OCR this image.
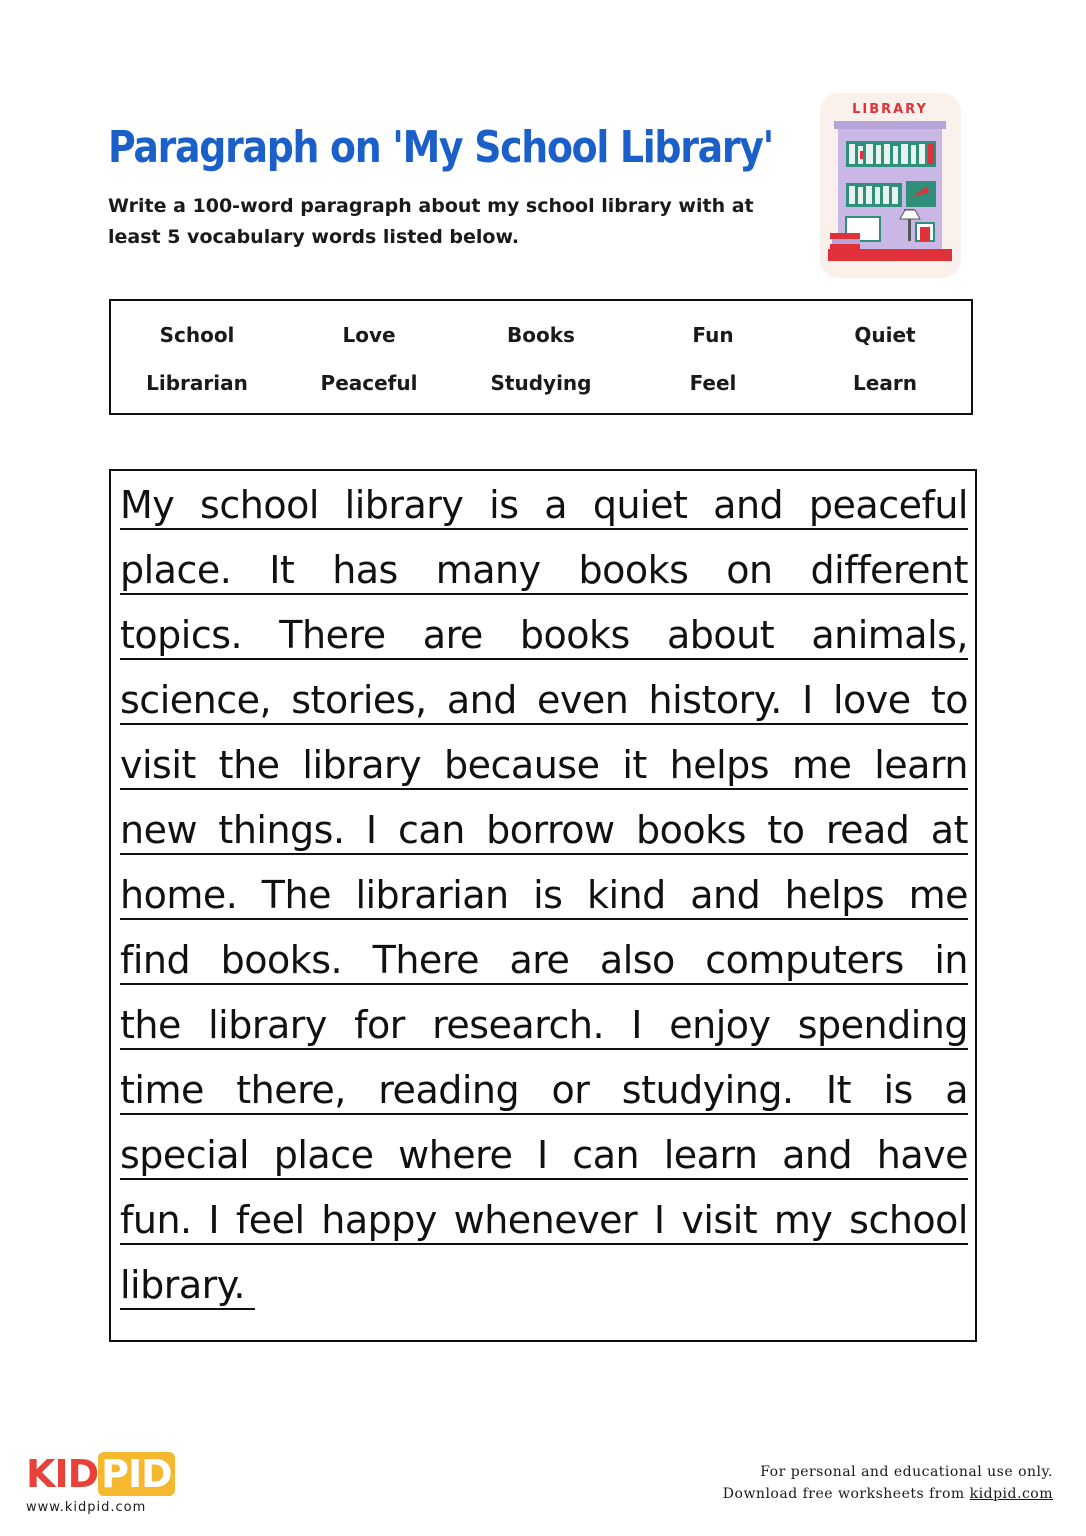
Paragraph on 'My School Library'

Write a 100-word paragraph about my school library with at least 5 vocabulary words listed below.

LIBRARY
School	Love	Books	Fun	Quiet
Librarian	Peaceful	Studying	Feel	Learn
My school library is a quiet and peaceful
place. It has many books on different
topics. There are books about animals,
science, stories, and even history. I love to
visit the library because it helps me learn
new things. I can borrow books to read at
home. The librarian is kind and helps me
find books. There are also computers in
the library for research. I enjoy spending
time there, reading or studying. It is a
special place where I can learn and have
fun. I feel happy whenever I visit my school
library.
KIDPID
www.kidpid.com
For personal and educational use only.
Download free worksheets from kidpid.com
